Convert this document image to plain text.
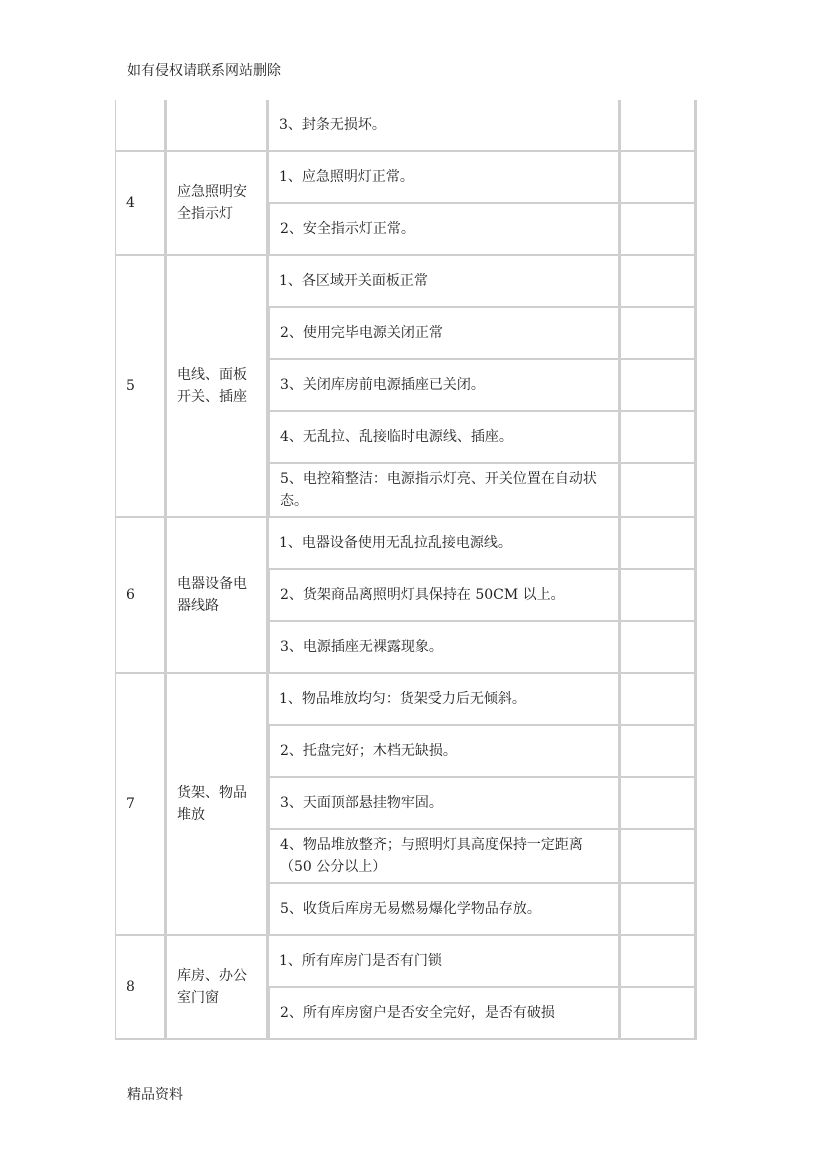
如有侵权请联系网站删除
		3、封条无损坏。	
4	应急照明安全指示灯	1、应急照明灯正常。	
		2、安全指示灯正常。	
5	电线、面板开关、插座	1、各区域开关面板正常	
		2、使用完毕电源关闭正常	
		3、关闭库房前电源插座已关闭。	
		4、无乱拉、乱接临时电源线、插座。	
		5、电控箱整洁：电源指示灯亮、开关位置在自动状态。	
6	电器设备电器线路	1、电器设备使用无乱拉乱接电源线。	
		2、货架商品离照明灯具保持在 50CM 以上。	
		3、电源插座无裸露现象。	
7	货架、物品堆放	1、物品堆放均匀：货架受力后无倾斜。	
		2、托盘完好；木档无缺损。	
		3、天面顶部悬挂物牢固。	
		4、物品堆放整齐；与照明灯具高度保持一定距离（50 公分以上）	
		5、收货后库房无易燃易爆化学物品存放。	
8	库房、办公室门窗	1、所有库房门是否有门锁	
		2、所有库房窗户是否安全完好，是否有破损	
精品资料
